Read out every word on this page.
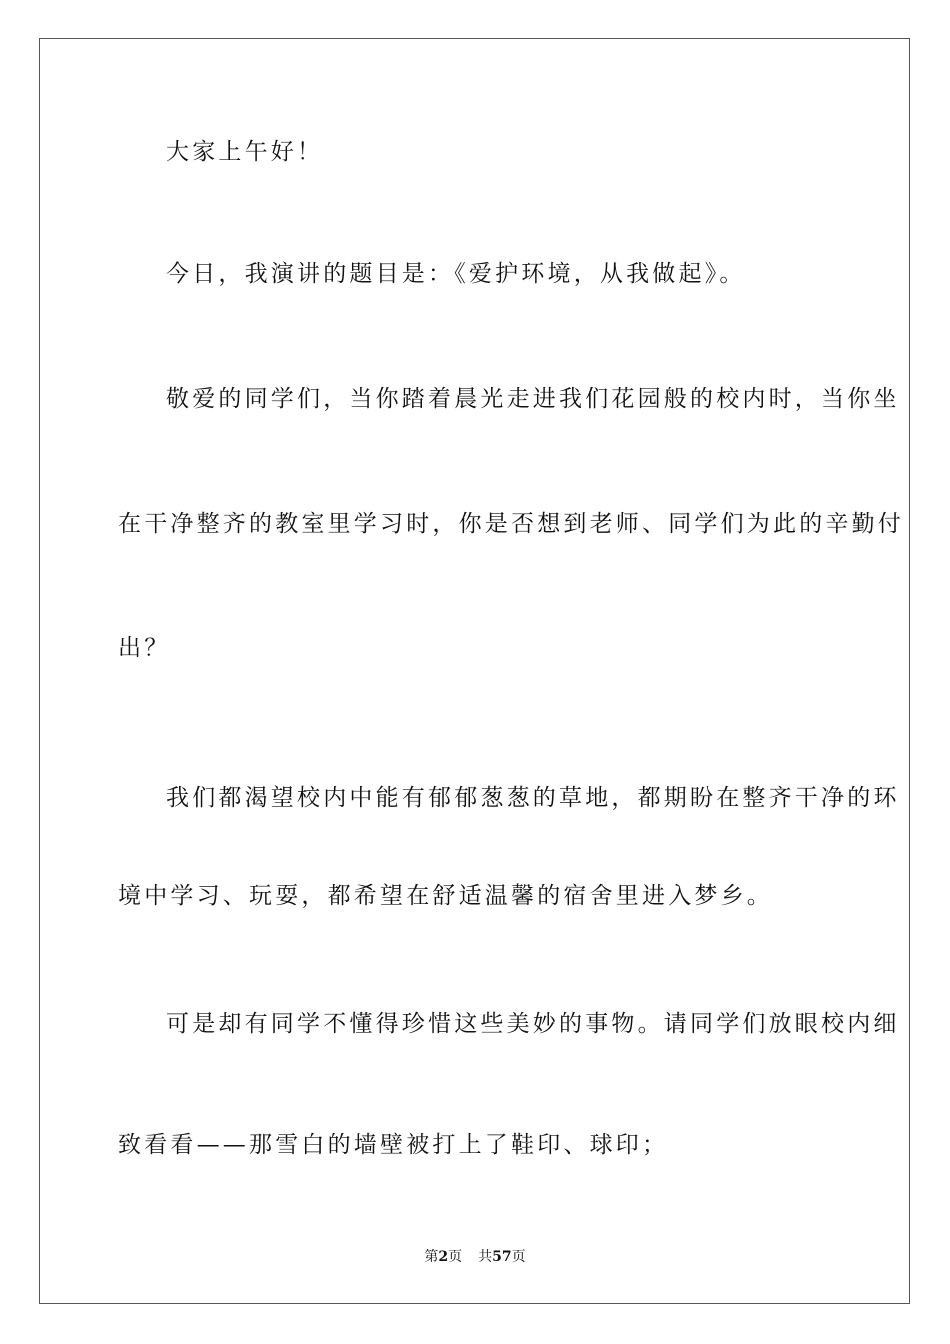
大家上午好！
今日，我演讲的题目是：《爱护环境，从我做起》。
敬爱的同学们，当你踏着晨光走进我们花园般的校内时，当你坐
在干净整齐的教室里学习时，你是否想到老师、同学们为此的辛勤付
出？
我们都渴望校内中能有郁郁葱葱的草地，都期盼在整齐干净的环
境中学习、玩耍，都希望在舒适温馨的宿舍里进入梦乡。
可是却有同学不懂得珍惜这些美妙的事物。请同学们放眼校内细
致看看——那雪白的墙壁被打上了鞋印、球印；
第2页 共57页
